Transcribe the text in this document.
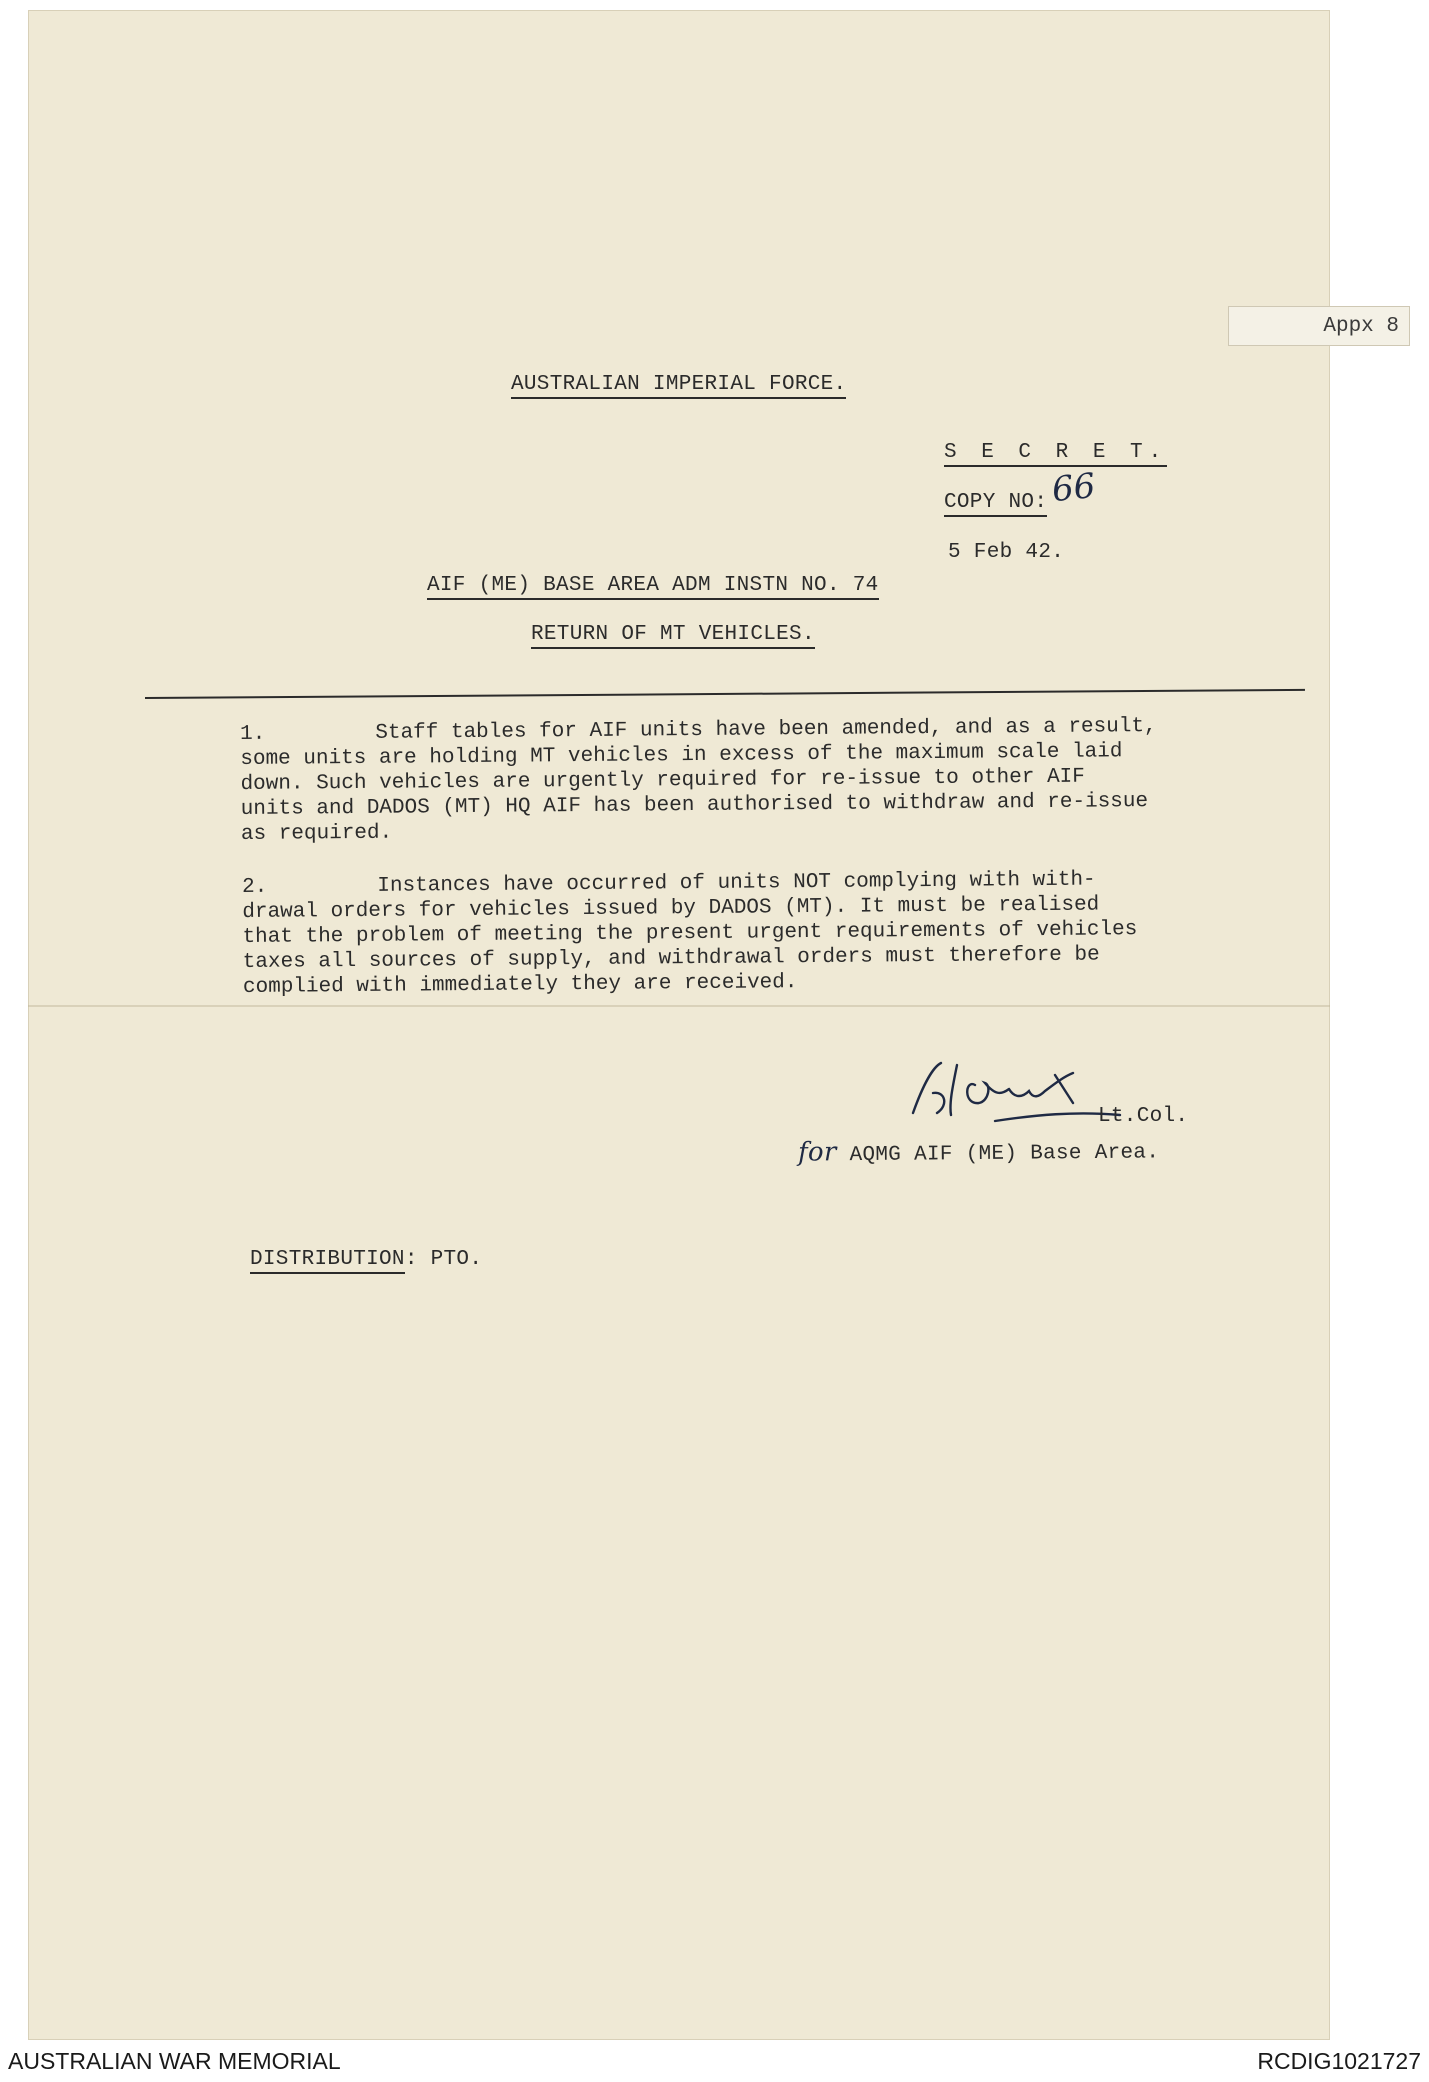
Appx 8
AUSTRALIAN IMPERIAL FORCE.
S E C R E T.
COPY NO: 66
5 Feb 42.
AIF (ME) BASE AREA ADM INSTN NO. 74
RETURN OF MT VEHICLES.
1.	Staff tables for AIF units have been amended, and as a result,
some units are holding MT vehicles in excess of the maximum scale laid
down. Such vehicles are urgently required for re-issue to other AIF
units and DADOS (MT) HQ AIF has been authorised to withdraw and re-issue
as required.
2.	Instances have occurred of units NOT complying with with-
drawal orders for vehicles issued by DADOS (MT). It must be realised
that the problem of meeting the present urgent requirements of vehicles
taxes all sources of supply, and withdrawal orders must therefore be
complied with immediately they are received.
Lt.Col.
for AQMG AIF (ME) Base Area.
DISTRIBUTION: PTO.
AUSTRALIAN WAR MEMORIAL	RCDIG1021727
